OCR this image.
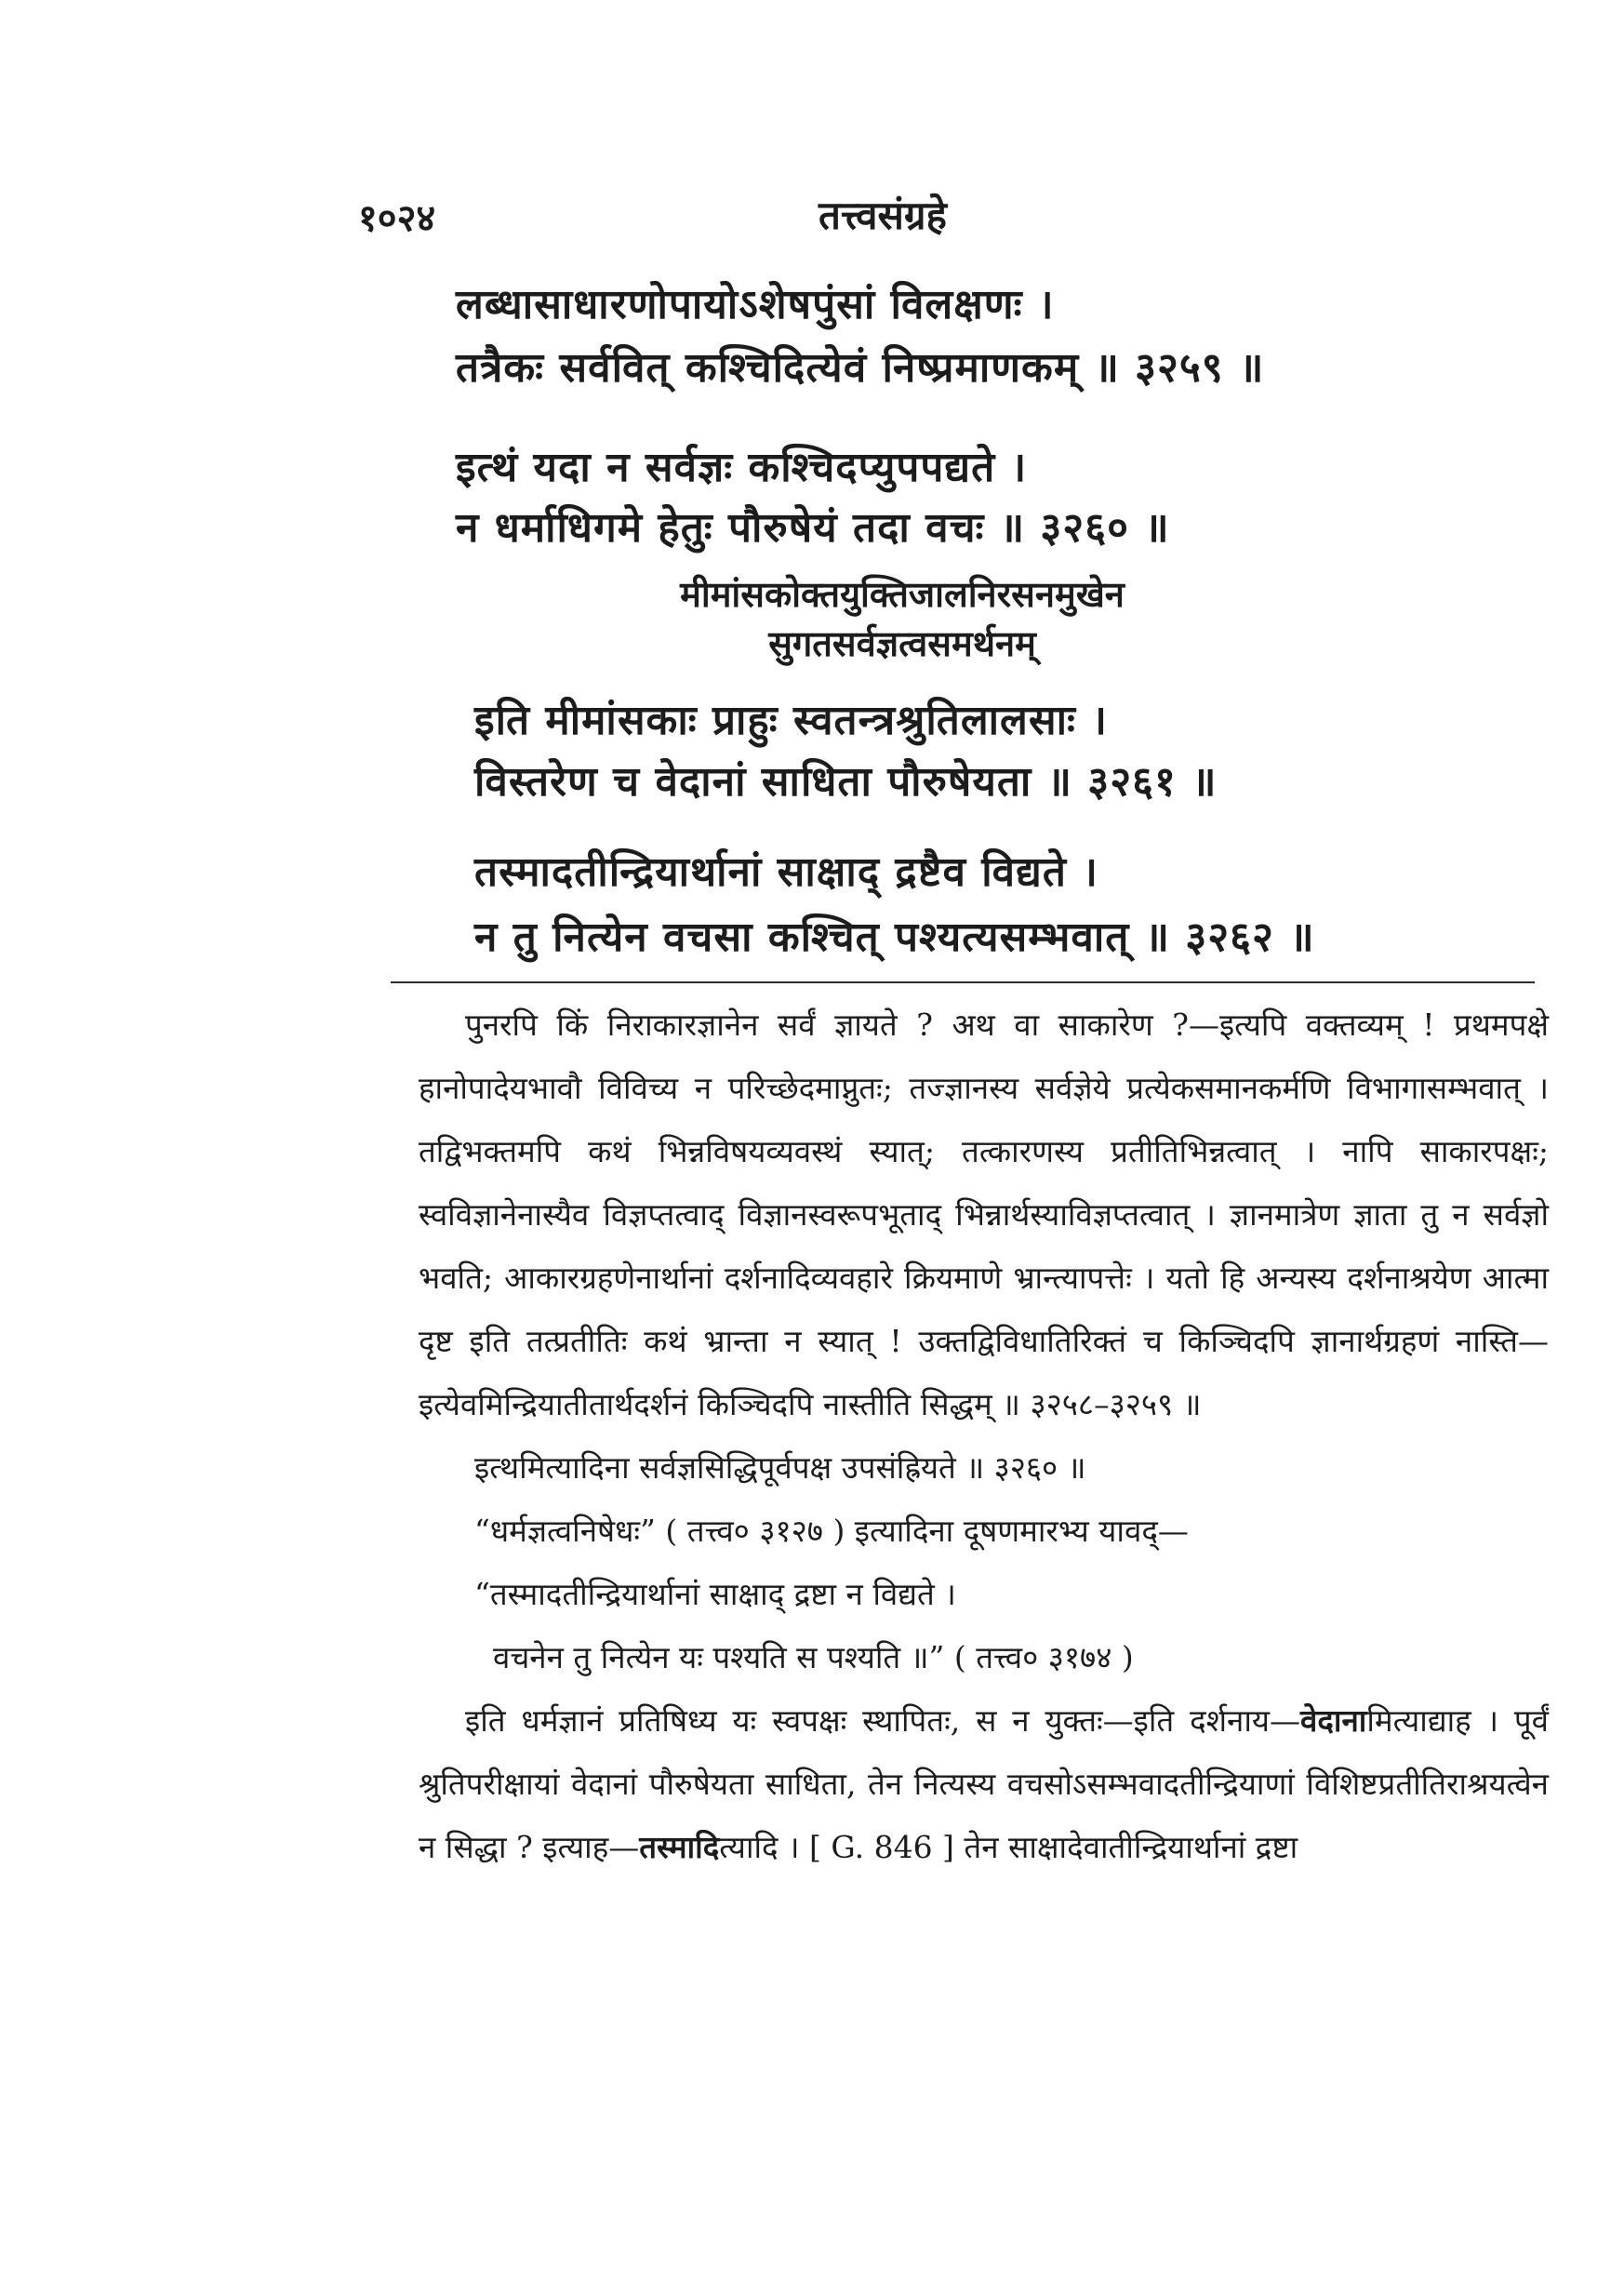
१०२४	तत्त्वसंग्रहे
लब्धासाधारणोपायोऽशेषपुंसां विलक्षणः ।
तत्रैकः सर्ववित् कश्चिदित्येवं निष्प्रमाणकम् ॥ ३२५९ ॥
इत्थं यदा न सर्वज्ञः कश्चिदप्युपपद्यते ।
न धर्माधिगमे हेतुः पौरुषेयं तदा वचः ॥ ३२६० ॥
मीमांसकोक्तयुक्तिजालनिरसनमुखेन
सुगतसर्वज्ञत्वसमर्थनम्
इति मीमांसकाः प्राहुः स्वतन्त्रश्रुतिलालसाः ।
विस्तरेण च वेदानां साधिता पौरुषेयता ॥ ३२६१ ॥
तस्मादतीन्द्रियार्थानां साक्षाद् द्रष्टैव विद्यते ।
न तु नित्येन वचसा कश्चित् पश्यत्यसम्भवात् ॥ ३२६२ ॥

पुनरपि किं निराकारज्ञानेन सर्वं ज्ञायते ? अथ वा साकारेण ?—इत्यपि वक्तव्यम् ! प्रथमपक्षे हानोपादेयभावौ विविच्य न परिच्छेदमाप्नुतः; तज्ज्ञानस्य सर्वज्ञेये प्रत्येकसमानकर्मणि विभागासम्भवात् । तद्विभक्तमपि कथं भिन्नविषयव्यवस्थं स्यात्; तत्कारणस्य प्रतीतिभिन्नत्वात् । नापि साकारपक्षः; स्वविज्ञानेनास्यैव विज्ञप्तत्वाद् विज्ञानस्वरूपभूताद् भिन्नार्थस्याविज्ञप्तत्वात् । ज्ञानमात्रेण ज्ञाता तु न सर्वज्ञो भवति; आकारग्रहणेनार्थानां दर्शनादिव्यवहारे क्रियमाणे भ्रान्त्यापत्तेः । यतो हि अन्यस्य दर्शनाश्रयेण आत्मा दृष्ट इति तत्प्रतीतिः कथं भ्रान्ता न स्यात् ! उक्तद्विविधातिरिक्तं च किञ्चिदपि ज्ञानार्थग्रहणं नास्ति—इत्येवमिन्द्रियातीतार्थदर्शनं किञ्चिदपि नास्तीति सिद्धम् ॥ ३२५८–३२५९ ॥

इत्थमित्यादिना सर्वज्ञसिद्धिपूर्वपक्ष उपसंह्रियते ॥ ३२६० ॥

“धर्मज्ञत्वनिषेधः” ( तत्त्व० ३१२७ ) इत्यादिना दूषणमारभ्य यावद्—

“तस्मादतीन्द्रियार्थानां साक्षाद् द्रष्टा न विद्यते ।

वचनेन तु नित्येन यः पश्यति स पश्यति ॥” ( तत्त्व० ३१७४ )

इति धर्मज्ञानं प्रतिषिध्य यः स्वपक्षः स्थापितः, स न युक्तः—इति दर्शनाय—वेदानामित्याद्याह । पूर्वं श्रुतिपरीक्षायां वेदानां पौरुषेयता साधिता, तेन नित्यस्य वचसोऽसम्भवादतीन्द्रियाणां विशिष्टप्रतीतिराश्रयत्वेन न सिद्धा ? इत्याह—तस्मादित्यादि । [ G. 846 ] तेन साक्षादेवातीन्द्रियार्थानां द्रष्टा
